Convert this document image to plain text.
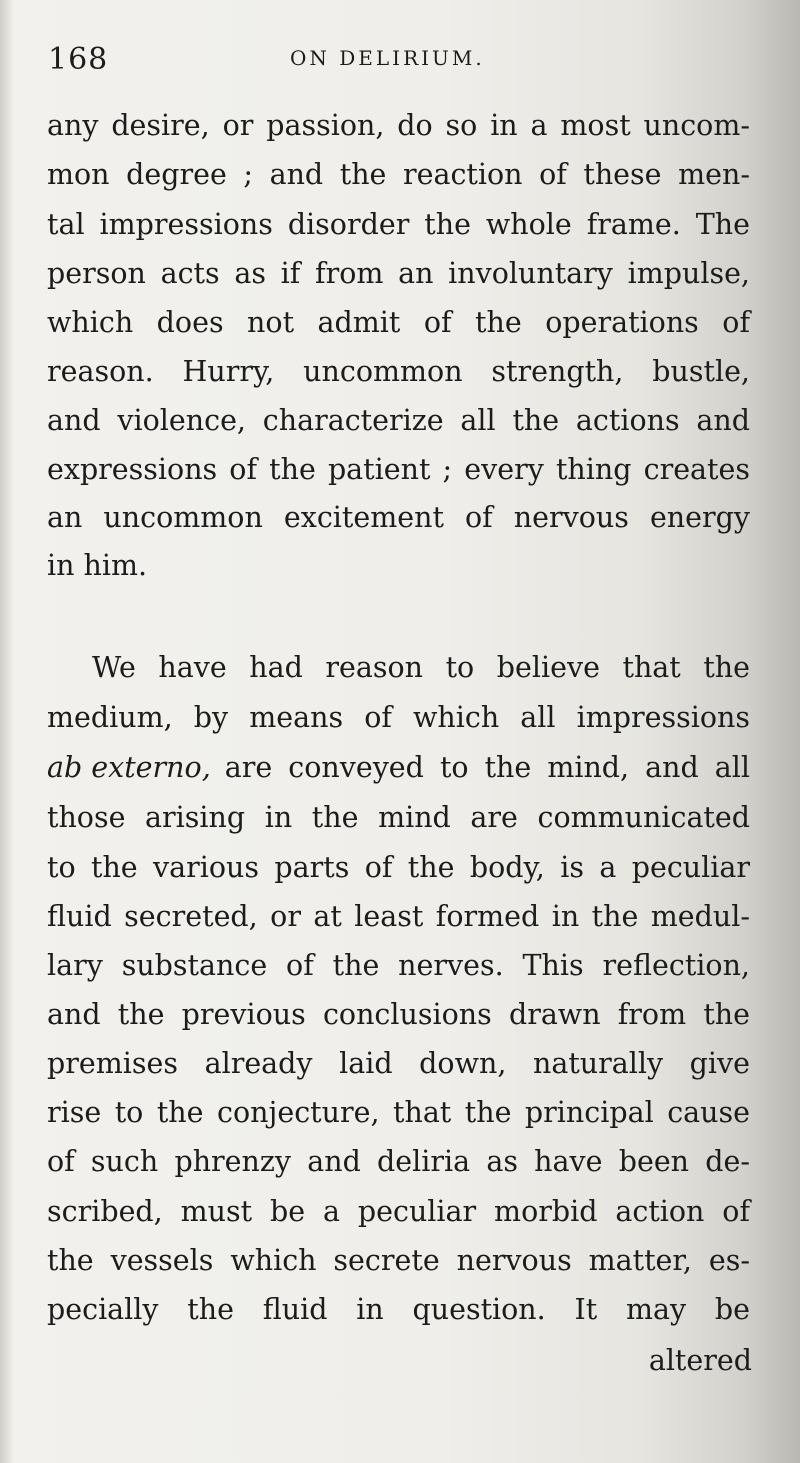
168	ON DELIRIUM.
any desire, or passion, do so in a most uncom-
mon degree ; and the reaction of these men-
tal impressions disorder the whole frame. The
person acts as if from an involuntary impulse,
which does not admit of the operations of
reason. Hurry, uncommon strength, bustle,
and violence, characterize all the actions and
expressions of the patient ; every thing creates
an uncommon excitement of nervous energy
in him.
We have had reason to believe that the
medium, by means of which all impressions
ab externo, are conveyed to the mind, and all
those arising in the mind are communicated
to the various parts of the body, is a peculiar
fluid secreted, or at least formed in the medul-
lary substance of the nerves. This reflection,
and the previous conclusions drawn from the
premises already laid down, naturally give
rise to the conjecture, that the principal cause
of such phrenzy and deliria as have been de-
scribed, must be a peculiar morbid action of
the vessels which secrete nervous matter, es-
pecially the fluid in question. It may be
altered
